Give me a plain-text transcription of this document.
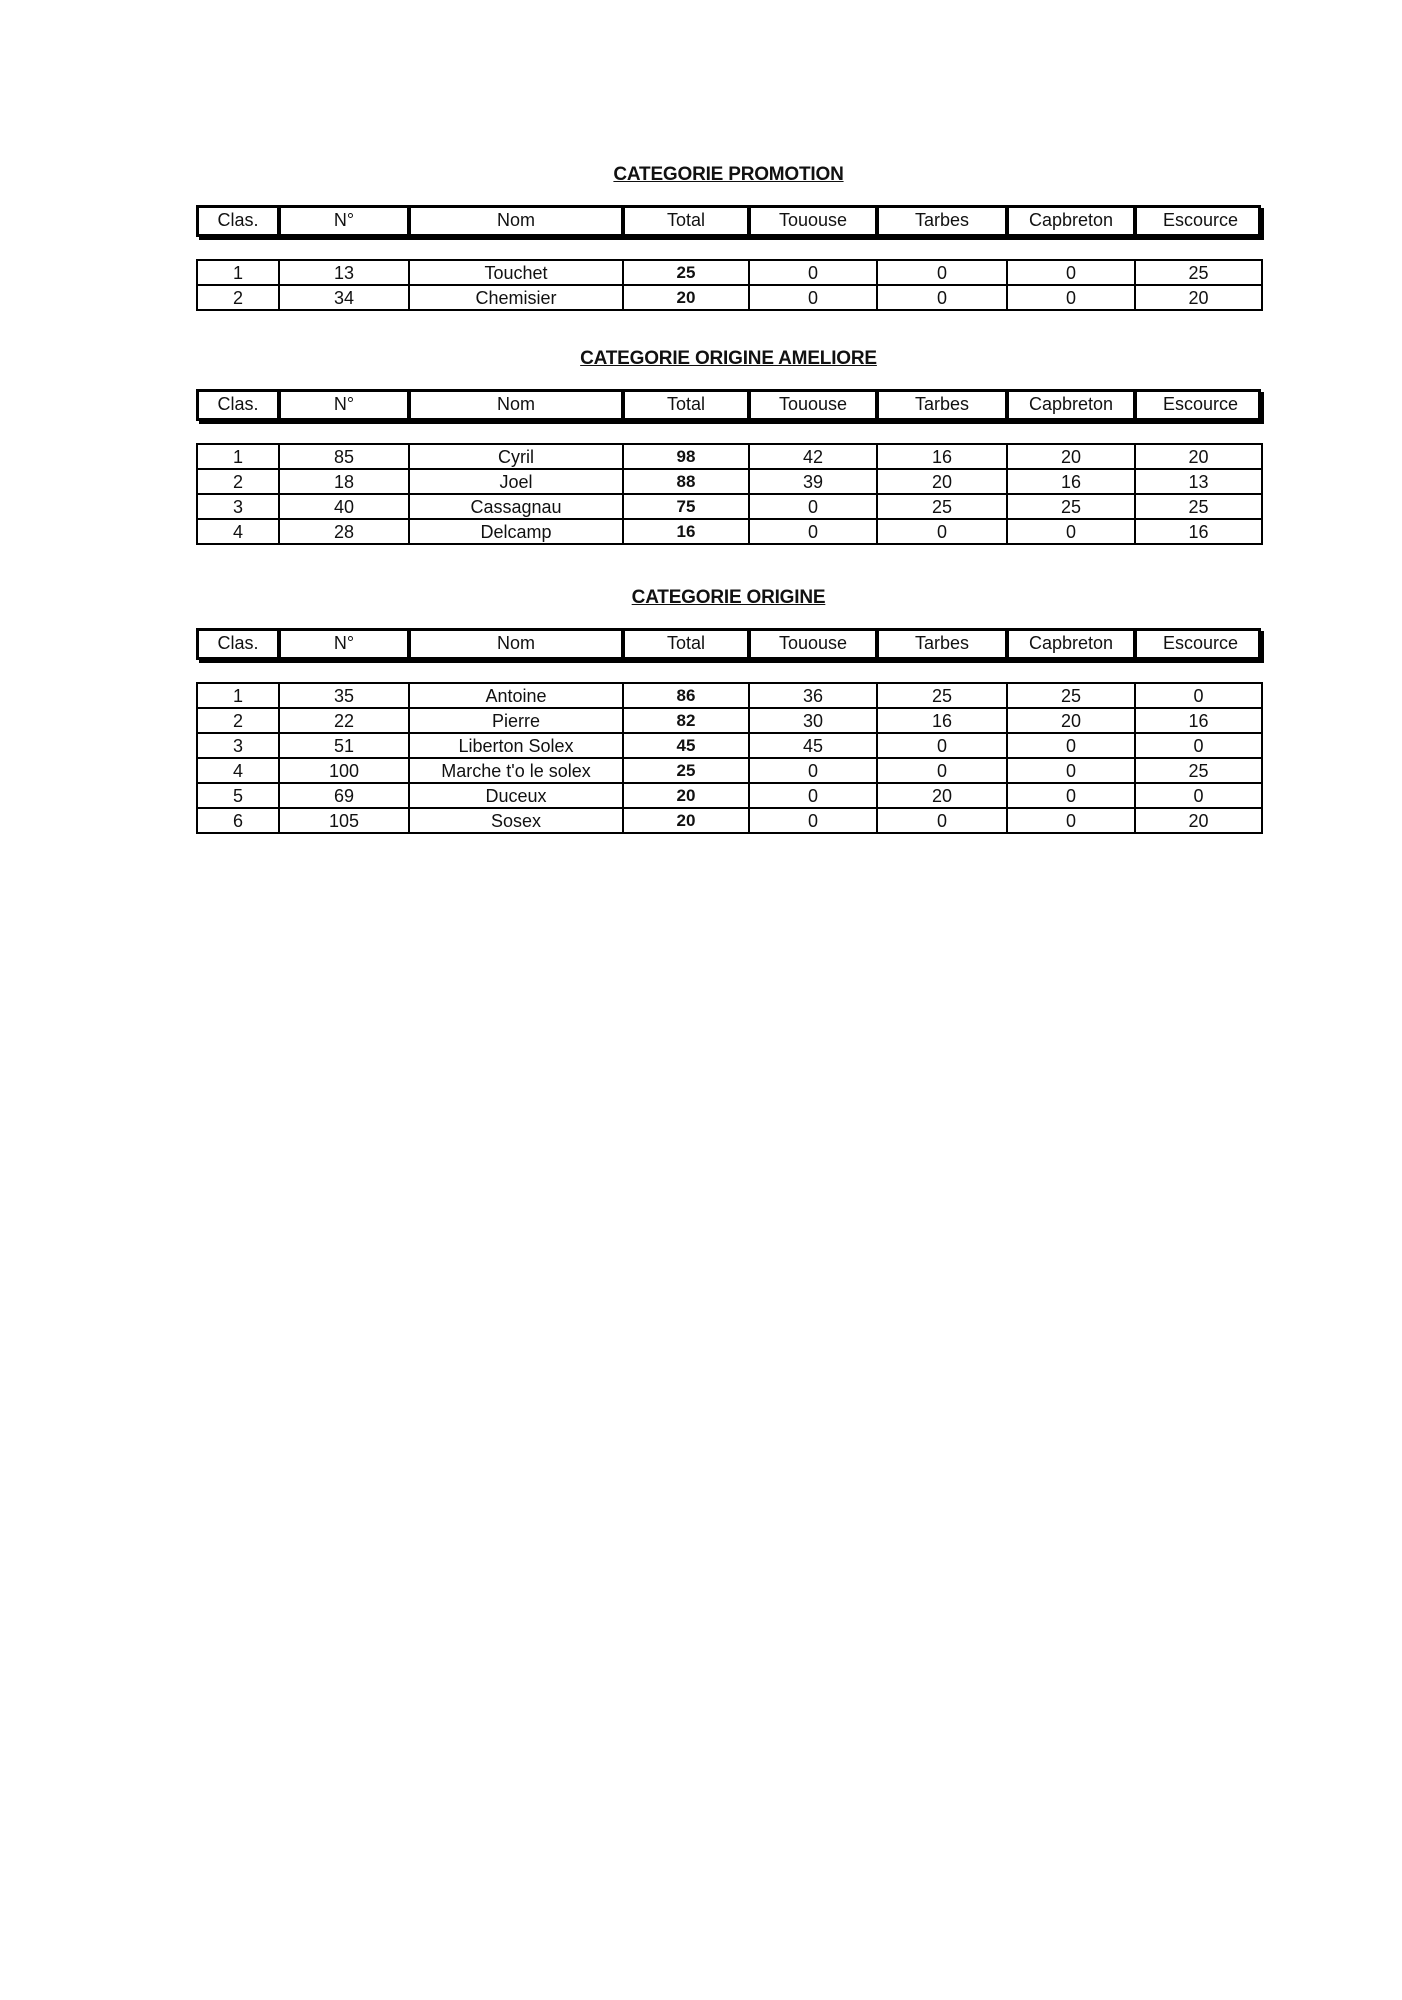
CATEGORIE PROMOTION
Clas.	N°	Nom	Total	Tououse	Tarbes	Capbreton	Escource
1	13	Touchet	25	0	0	0	25
2	34	Chemisier	20	0	0	0	20
CATEGORIE ORIGINE AMELIORE
Clas.	N°	Nom	Total	Tououse	Tarbes	Capbreton	Escource
1	85	Cyril	98	42	16	20	20
2	18	Joel	88	39	20	16	13
3	40	Cassagnau	75	0	25	25	25
4	28	Delcamp	16	0	0	0	16
CATEGORIE ORIGINE
Clas.	N°	Nom	Total	Tououse	Tarbes	Capbreton	Escource
1	35	Antoine	86	36	25	25	0
2	22	Pierre	82	30	16	20	16
3	51	Liberton Solex	45	45	0	0	0
4	100	Marche t'o le solex	25	0	0	0	25
5	69	Duceux	20	0	20	0	0
6	105	Sosex	20	0	0	0	20
